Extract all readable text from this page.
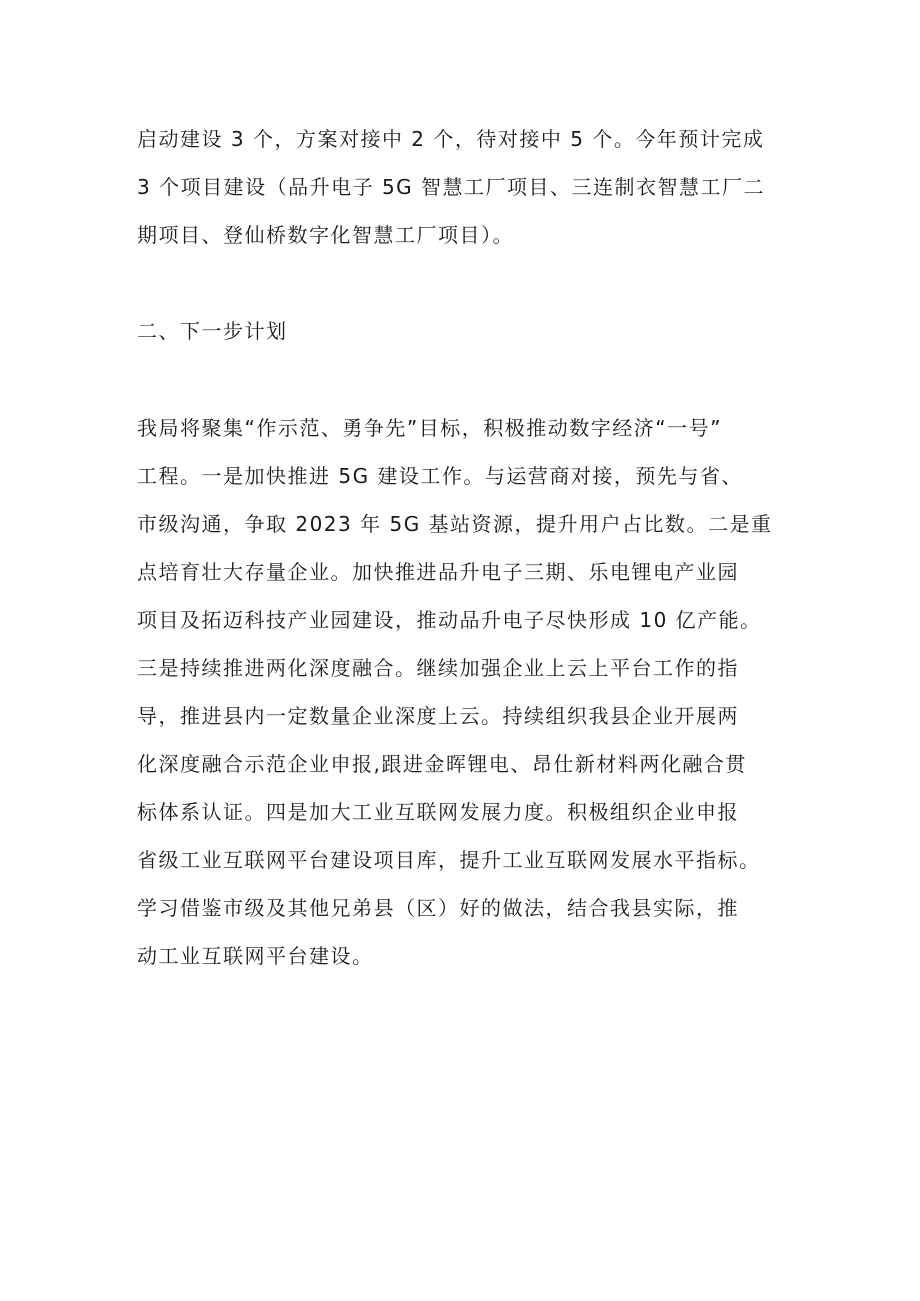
启动建设 3 个，方案对接中 2 个，待对接中 5 个。今年预计完成
3 个项目建设（品升电子 5G 智慧工厂项目、三连制衣智慧工厂二
期项目、登仙桥数字化智慧工厂项目）。
二、下一步计划
我局将聚集“作示范、勇争先”目标，积极推动数字经济“一号”
工程。一是加快推进 5G 建设工作。与运营商对接，预先与省、
市级沟通，争取 2023 年 5G 基站资源，提升用户占比数。二是重
点培育壮大存量企业。加快推进品升电子三期、乐电锂电产业园
项目及拓迈科技产业园建设，推动品升电子尽快形成 10 亿产能。
三是持续推进两化深度融合。继续加强企业上云上平台工作的指
导，推进县内一定数量企业深度上云。持续组织我县企业开展两
化深度融合示范企业申报,跟进金晖锂电、昂仕新材料两化融合贯
标体系认证。四是加大工业互联网发展力度。积极组织企业申报
省级工业互联网平台建设项目库，提升工业互联网发展水平指标。
学习借鉴市级及其他兄弟县（区）好的做法，结合我县实际，推
动工业互联网平台建设。
